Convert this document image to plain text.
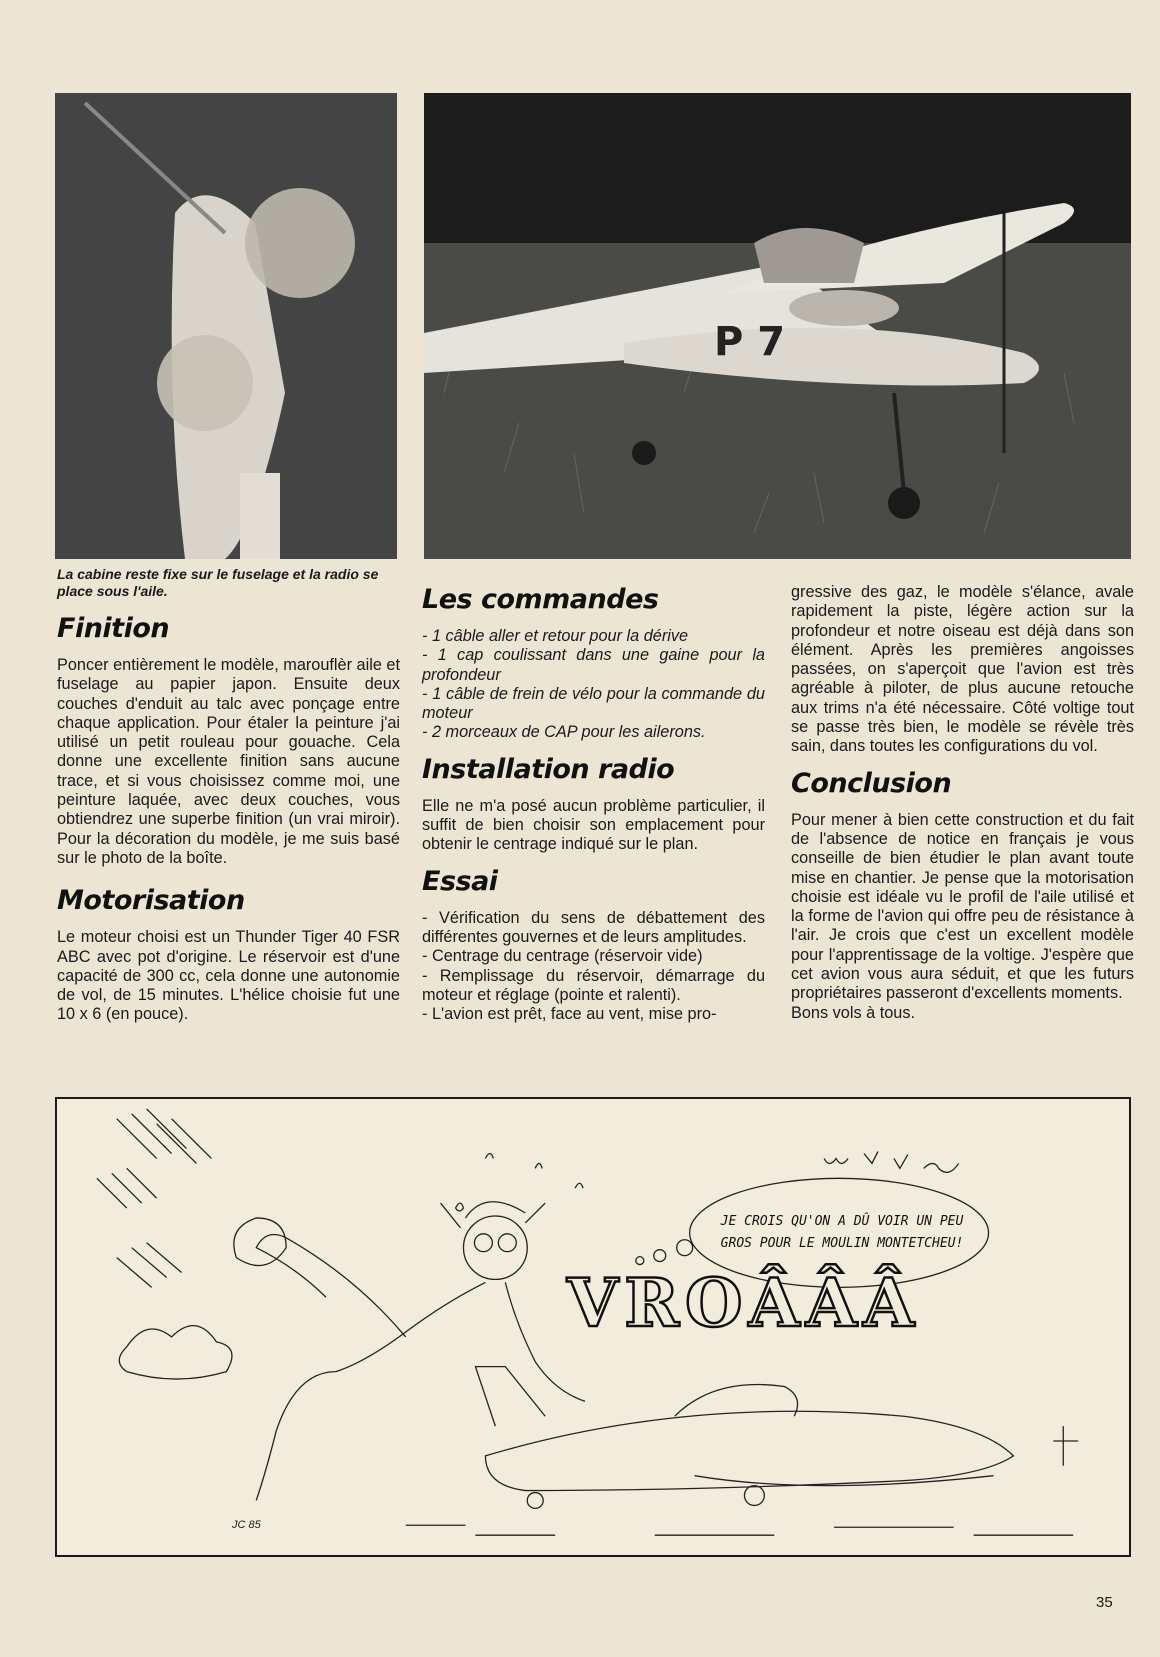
P 7
La cabine reste fixe sur le fuselage et la radio se place sous l'aile.
Finition

Poncer entièrement le modèle, marouflèr aile et fuselage au papier japon. Ensuite deux couches d'enduit au talc avec ponçage entre chaque application. Pour étaler la peinture j'ai utilisé un petit rouleau pour gouache. Cela donne une excellente finition sans aucune trace, et si vous choisissez comme moi, une peinture laquée, avec deux couches, vous obtiendrez une superbe finition (un vrai miroir). Pour la décoration du modèle, je me suis basé sur le photo de la boîte.

Motorisation

Le moteur choisi est un Thunder Tiger 40 FSR ABC avec pot d'origine. Le réservoir est d'une capacité de 300 cc, cela donne une autonomie de vol, de 15 minutes. L'hélice choisie fut une 10 x 6 (en pouce).

Les commandes

- 1 câble aller et retour pour la dérive

- 1 cap coulissant dans une gaine pour la profondeur

- 1 câble de frein de vélo pour la commande du moteur

- 2 morceaux de CAP pour les ailerons.

Installation radio

Elle ne m'a posé aucun problème particulier, il suffit de bien choisir son emplacement pour obtenir le centrage indiqué sur le plan.

Essai

- Vérification du sens de débattement des différentes gouvernes et de leurs amplitudes.

- Centrage du centrage (réservoir vide)

- Remplissage du réservoir, démarrage du moteur et réglage (pointe et ralenti).

- L'avion est prêt, face au vent, mise pro-

gressive des gaz, le modèle s'élance, avale rapidement la piste, légère action sur la profondeur et notre oiseau est déjà dans son élément. Après les premières angoisses passées, on s'aperçoit que l'avion est très agréable à piloter, de plus aucune retouche aux trims n'a été nécessaire. Côté voltige tout se passe très bien, le modèle se révèle très sain, dans toutes les configurations du vol.

Conclusion

Pour mener à bien cette construction et du fait de l'absence de notice en français je vous conseille de bien étudier le plan avant toute mise en chantier. Je pense que la motorisation choisie est idéale vu le profil de l'aile utilisé et la forme de l'avion qui offre peu de résistance à l'air. Je crois que c'est un excellent modèle pour l'apprentissage de la voltige. J'espère que cet avion vous aura séduit, et que les futurs propriétaires passeront d'excellents moments.

Bons vols à tous.

JE CROIS QU'ON A DÛ VOIR UN PEU GROS POUR LE MOULIN MONTETCHEU!
VROÂÂÂ
JC 85
35
